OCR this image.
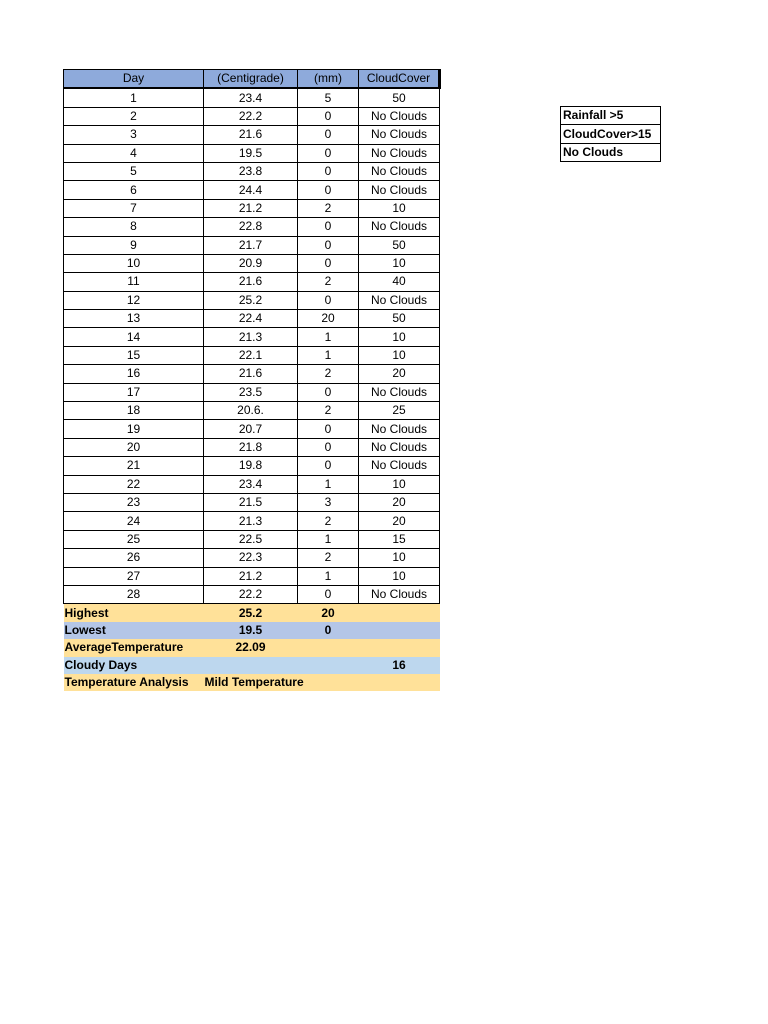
Day	(Centigrade)	(mm)	CloudCover
1	23.4	5	50
2	22.2	0	No Clouds
3	21.6	0	No Clouds
4	19.5	0	No Clouds
5	23.8	0	No Clouds
6	24.4	0	No Clouds
7	21.2	2	10
8	22.8	0	No Clouds
9	21.7	0	50
10	20.9	0	10
11	21.6	2	40
12	25.2	0	No Clouds
13	22.4	20	50
14	21.3	1	10
15	22.1	1	10
16	21.6	2	20
17	23.5	0	No Clouds
18	20.6.	2	25
19	20.7	0	No Clouds
20	21.8	0	No Clouds
21	19.8	0	No Clouds
22	23.4	1	10
23	21.5	3	20
24	21.3	2	20
25	22.5	1	15
26	22.3	2	10
27	21.2	1	10
28	22.2	0	No Clouds
Highest	25.2	20	
Lowest	19.5	0	
AverageTemperature	22.09		
Cloudy Days			16
Temperature Analysis	Mild Temperature		
Rainfall >5
CloudCover>15
No Clouds
